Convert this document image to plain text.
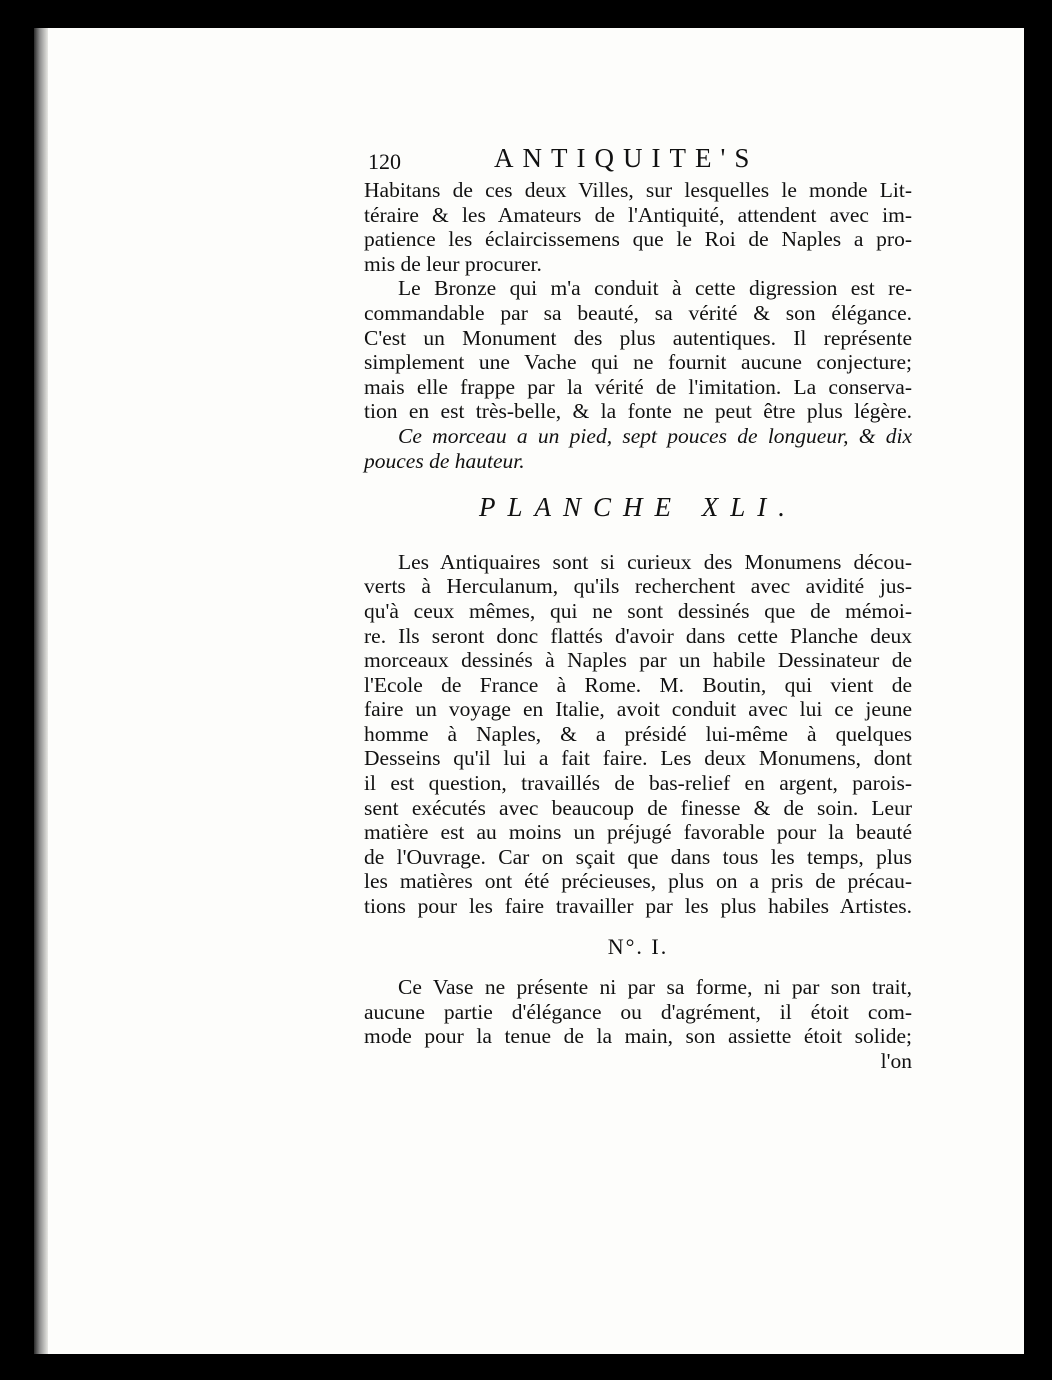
120	ANTIQUITE'S
Habitans de ces deux Villes, sur lesquelles le monde Lit-
téraire & les Amateurs de l'Antiquité, attendent avec im-
patience les éclaircissemens que le Roi de Naples a pro-
mis de leur procurer.
Le Bronze qui m'a conduit à cette digression est re-
commandable par sa beauté, sa vérité & son élégance.
C'est un Monument des plus autentiques. Il représente
simplement une Vache qui ne fournit aucune conjecture;
mais elle frappe par la vérité de l'imitation. La conserva-
tion en est très-belle, & la fonte ne peut être plus légère.
Ce morceau a un pied, sept pouces de longueur, & dix
pouces de hauteur.
PLANCHE XLI.
Les Antiquaires sont si curieux des Monumens décou-
verts à Herculanum, qu'ils recherchent avec avidité jus-
qu'à ceux mêmes, qui ne sont dessinés que de mémoi-
re. Ils seront donc flattés d'avoir dans cette Planche deux
morceaux dessinés à Naples par un habile Dessinateur de
l'Ecole de France à Rome. M. Boutin, qui vient de
faire un voyage en Italie, avoit conduit avec lui ce jeune
homme à Naples, & a présidé lui-même à quelques
Desseins qu'il lui a fait faire. Les deux Monumens, dont
il est question, travaillés de bas-relief en argent, parois-
sent exécutés avec beaucoup de finesse & de soin. Leur
matière est au moins un préjugé favorable pour la beauté
de l'Ouvrage. Car on sçait que dans tous les temps, plus
les matières ont été précieuses, plus on a pris de précau-
tions pour les faire travailler par les plus habiles Artistes.
N°. I.
Ce Vase ne présente ni par sa forme, ni par son trait,
aucune partie d'élégance ou d'agrément, il étoit com-
mode pour la tenue de la main, son assiette étoit solide;
l'on
